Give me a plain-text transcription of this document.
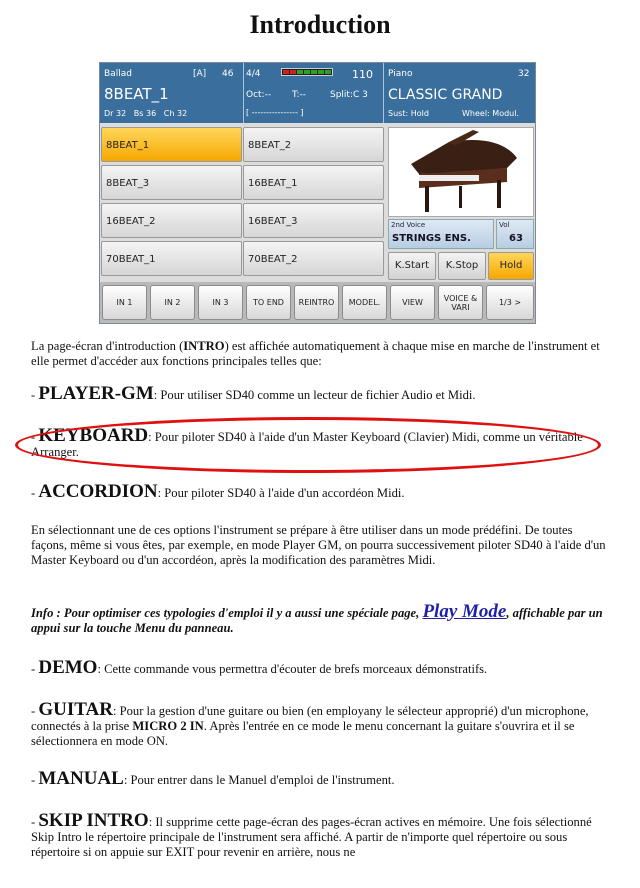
Introduction
Ballad	[A] 46
8BEAT_1
Dr 32   Bs 36   Ch 32
4/4	110
Oct:-- T:--	Split:C 3
[ ---------------- ]
Piano	32
CLASSIC GRAND
Sust: Hold	Wheel: Modul.
8BEAT_1	8BEAT_2
8BEAT_3	16BEAT_1
16BEAT_2	16BEAT_3
70BEAT_1	70BEAT_2
2nd Voice
STRINGS ENS.
Vol
63
K.Start	K.Stop	Hold
IN 1	IN 2	IN 3	TO END	REINTRO	MODEL.	VIEW	VOICE & VARI	1/3 >
La page-écran d'introduction (INTRO) est affichée automatiquement à chaque mise en marche de l'instrument et elle permet d'accéder aux fonctions principales telles que:
- PLAYER-GM: Pour utiliser SD40 comme un lecteur de fichier Audio et Midi.
- KEYBOARD: Pour piloter SD40 à l'aide d'un Master Keyboard (Clavier) Midi, comme un véritable Arranger.
- ACCORDION: Pour piloter SD40 à l'aide d'un accordéon Midi.
En sélectionnant une de ces options l'instrument se prépare à être utiliser dans un mode prédéfini. De toutes façons, même si vous êtes, par exemple, en mode Player GM, on pourra successivement piloter SD40 à l'aide d'un Master Keyboard ou d'un accordéon, après la modification des paramètres Midi.
Info : Pour optimiser ces typologies d'emploi il y a aussi une spéciale page, Play Mode, affichable par un appui sur la touche Menu du panneau.
- DEMO: Cette commande vous permettra d'écouter de brefs morceaux démonstratifs.
- GUITAR: Pour la gestion d'une guitare ou bien (en employany le sélecteur approprié) d'un microphone, connectés à la prise MICRO 2 IN. Après l'entrée en ce mode le menu concernant la guitare s'ouvrira et il se sélectionnera en mode ON.
- MANUAL: Pour entrer dans le Manuel d'emploi de l'instrument.
- SKIP INTRO: Il supprime cette page-écran des pages-écran actives en mémoire. Une fois sélectionné Skip Intro le répertoire principale de l'instrument sera affiché. A partir de n'importe quel répertoire ou sous répertoire si on appuie sur EXIT pour revenir en arrière, nous ne
